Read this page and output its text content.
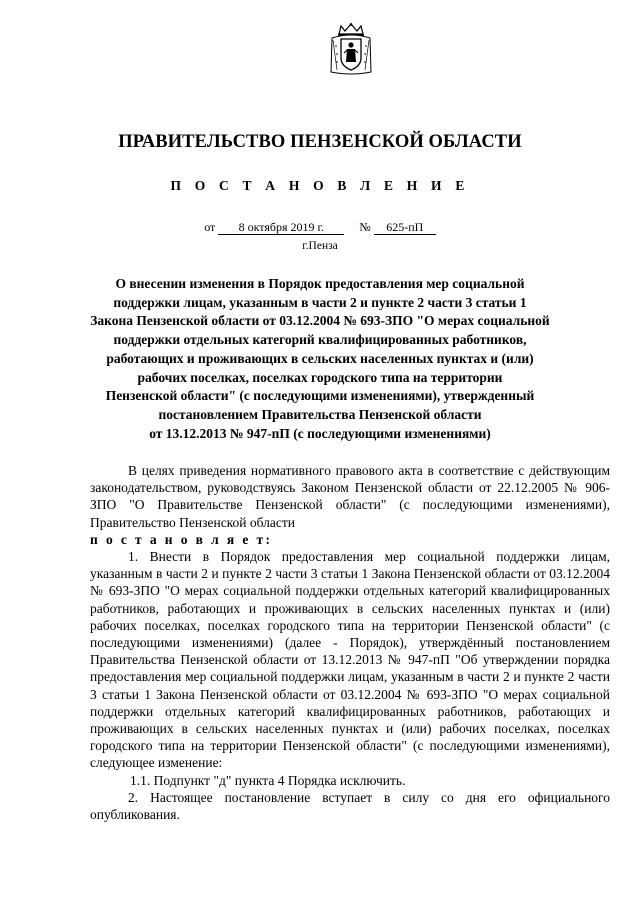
ПРАВИТЕЛЬСТВО ПЕНЗЕНСКОЙ ОБЛАСТИ
П О С Т А Н О В Л Е Н И Е
от 8 октября 2019 г.	№ 625-пП
г.Пенза
О внесении изменения в Порядок предоставления мер социальной
поддержки лицам, указанным в части 2 и пункте 2 части 3 статьи 1
Закона Пензенской области от 03.12.2004 № 693-ЗПО "О мерах социальной
поддержки отдельных категорий квалифицированных работников,
работающих и проживающих в сельских населенных пунктах и (или)
рабочих поселках, поселках городского типа на территории
Пензенской области" (с последующими изменениями), утвержденный
постановлением Правительства Пензенской области
от 13.12.2013 № 947-пП (с последующими изменениями)

В целях приведения нормативного правового акта в соответствие с действующим законодательством, руководствуясь Законом Пензенской области от 22.12.2005 № 906-ЗПО "О Правительстве Пензенской области" (с последующими изменениями), Правительство Пензенской области

п о с т а н о в л я е т:

1. Внести в Порядок предоставления мер социальной поддержки лицам, указанным в части 2 и пункте 2 части 3 статьи 1 Закона Пензенской области от 03.12.2004 № 693-ЗПО "О мерах социальной поддержки отдельных категорий квалифицированных работников, работающих и проживающих в сельских населенных пунктах и (или) рабочих поселках, поселках городского типа на территории Пензенской области" (с последующими изменениями) (далее - Порядок), утверждённый постановлением Правительства Пензенской области от 13.12.2013 № 947-пП "Об утверждении порядка предоставления мер социальной поддержки лицам, указанным в части 2 и пункте 2 части 3 статьи 1 Закона Пензенской области от 03.12.2004 № 693-ЗПО "О мерах социальной поддержки отдельных категорий квалифицированных работников, работающих и проживающих в сельских населенных пунктах и (или) рабочих поселках, поселках городского типа на территории Пензенской области" (с последующими изменениями), следующее изменение:

1.1. Подпункт "д" пункта 4 Порядка исключить.

2. Настоящее постановление вступает в силу со дня его официального опубликования.
